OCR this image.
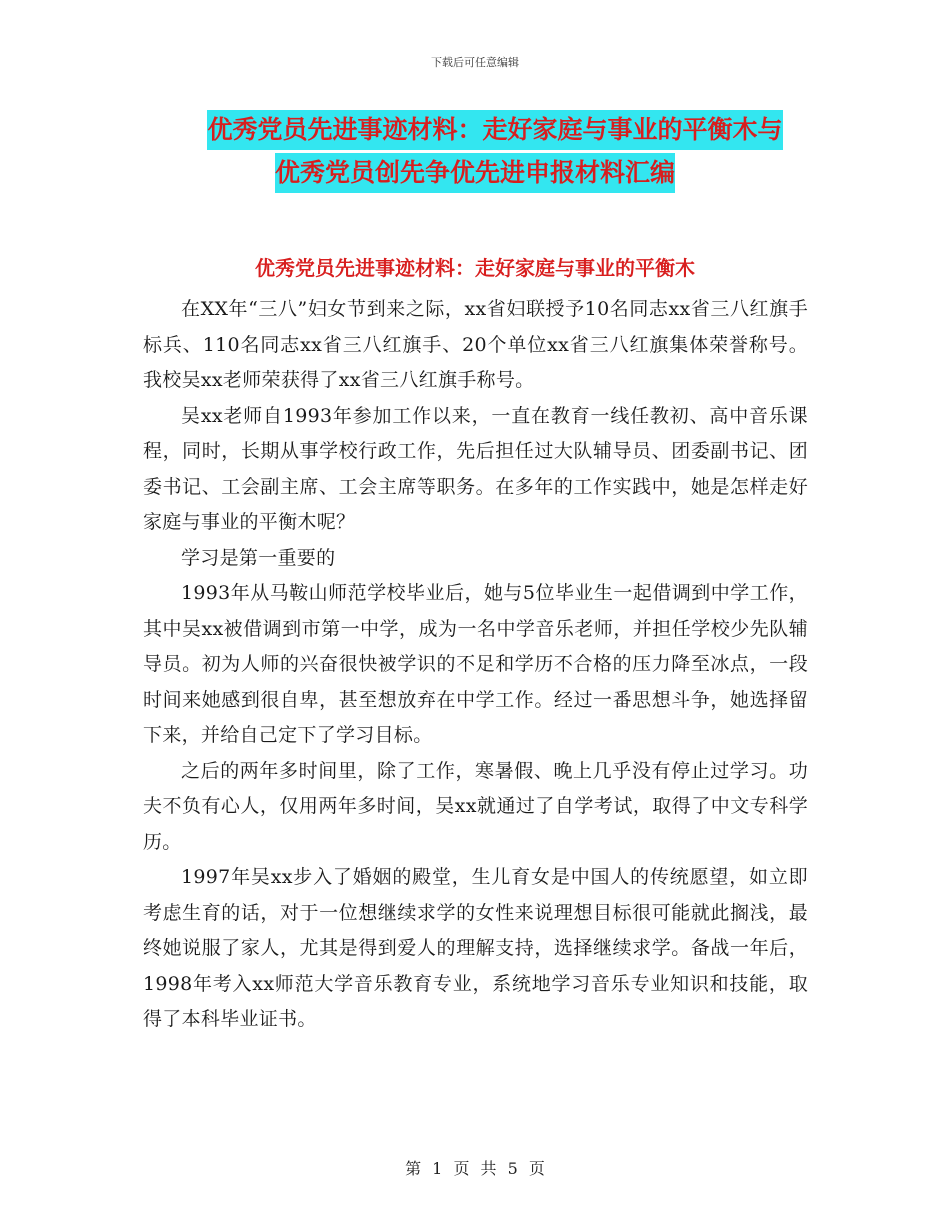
下载后可任意编辑
优秀党员先进事迹材料：走好家庭与事业的平衡木与
优秀党员创先争优先进申报材料汇编
优秀党员先进事迹材料：走好家庭与事业的平衡木

在XX年“三八”妇女节到来之际，xx省妇联授予10名同志xx省三八红旗手标兵、110名同志xx省三八红旗手、20个单位xx省三八红旗集体荣誉称号。我校吴xx老师荣获得了xx省三八红旗手称号。

吴xx老师自1993年参加工作以来，一直在教育一线任教初、高中音乐课程，同时，长期从事学校行政工作，先后担任过大队辅导员、团委副书记、团委书记、工会副主席、工会主席等职务。在多年的工作实践中，她是怎样走好家庭与事业的平衡木呢？

学习是第一重要的

1993年从马鞍山师范学校毕业后，她与5位毕业生一起借调到中学工作，其中吴xx被借调到市第一中学，成为一名中学音乐老师，并担任学校少先队辅导员。初为人师的兴奋很快被学识的不足和学历不合格的压力降至冰点，一段时间来她感到很自卑，甚至想放弃在中学工作。经过一番思想斗争，她选择留下来，并给自己定下了学习目标。

之后的两年多时间里，除了工作，寒暑假、晚上几乎没有停止过学习。功夫不负有心人，仅用两年多时间，吴xx就通过了自学考试，取得了中文专科学历。

1997年吴xx步入了婚姻的殿堂，生儿育女是中国人的传统愿望，如立即考虑生育的话，对于一位想继续求学的女性来说理想目标很可能就此搁浅，最终她说服了家人，尤其是得到爱人的理解支持，选择继续求学。备战一年后，1998年考入xx师范大学音乐教育专业，系统地学习音乐专业知识和技能，取得了本科毕业证书。

第 1 页 共 5 页
